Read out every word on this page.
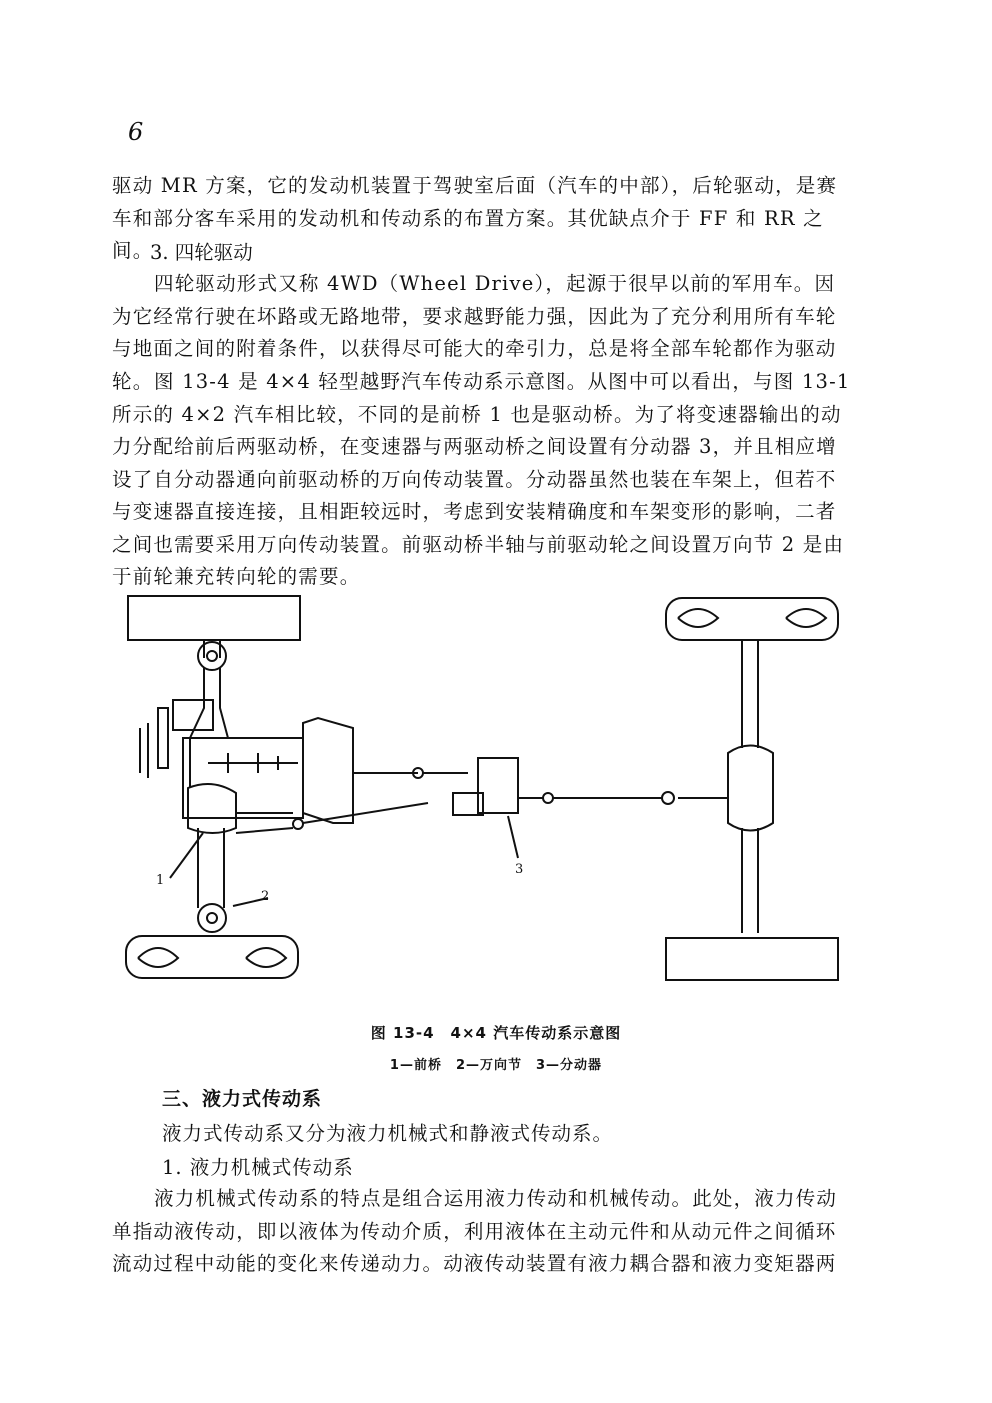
6
驱动 MR 方案，它的发动机装置于驾驶室后面（汽车的中部），后轮驱动，是赛车和部分客车采用的发动机和传动系的布置方案。其优缺点介于 FF 和 RR 之间。
3. 四轮驱动
四轮驱动形式又称 4WD（Wheel Drive），起源于很早以前的军用车。因为它经常行驶在坏路或无路地带，要求越野能力强，因此为了充分利用所有车轮与地面之间的附着条件，以获得尽可能大的牵引力，总是将全部车轮都作为驱动轮。 图 13-4 是 4×4 轻型越野汽车传动系示意图。从图中可以看出，与图 13-1 所示的 4×2 汽车相比较，不同的是前桥 1 也是驱动桥。为了将变速器输出的动力分配给前后两驱动桥，在变速器与两驱动桥之间设置有分动器 3，并且相应增设了自分动器通向前驱动桥的万向传动装置。分动器虽然也装在车架上，但若不与变速器直接连接，且相距较远时，考虑到安装精确度和车架变形的影响，二者之间也需要采用万向传动装置。前驱动桥半轴与前驱动轮之间设置万向节 2 是由于前轮兼充转向轮的需要。
1
2
3
图 13-4　4×4 汽车传动系示意图
1—前桥　2—万向节　3—分动器
三、液力式传动系
液力式传动系又分为液力机械式和静液式传动系。
1. 液力机械式传动系
液力机械式传动系的特点是组合运用液力传动和机械传动。此处，液力传动单指动液传动，即以液体为传动介质，利用液体在主动元件和从动元件之间循环流动过程中动能的变化来传递动力。动液传动装置有液力耦合器和液力变矩器两
